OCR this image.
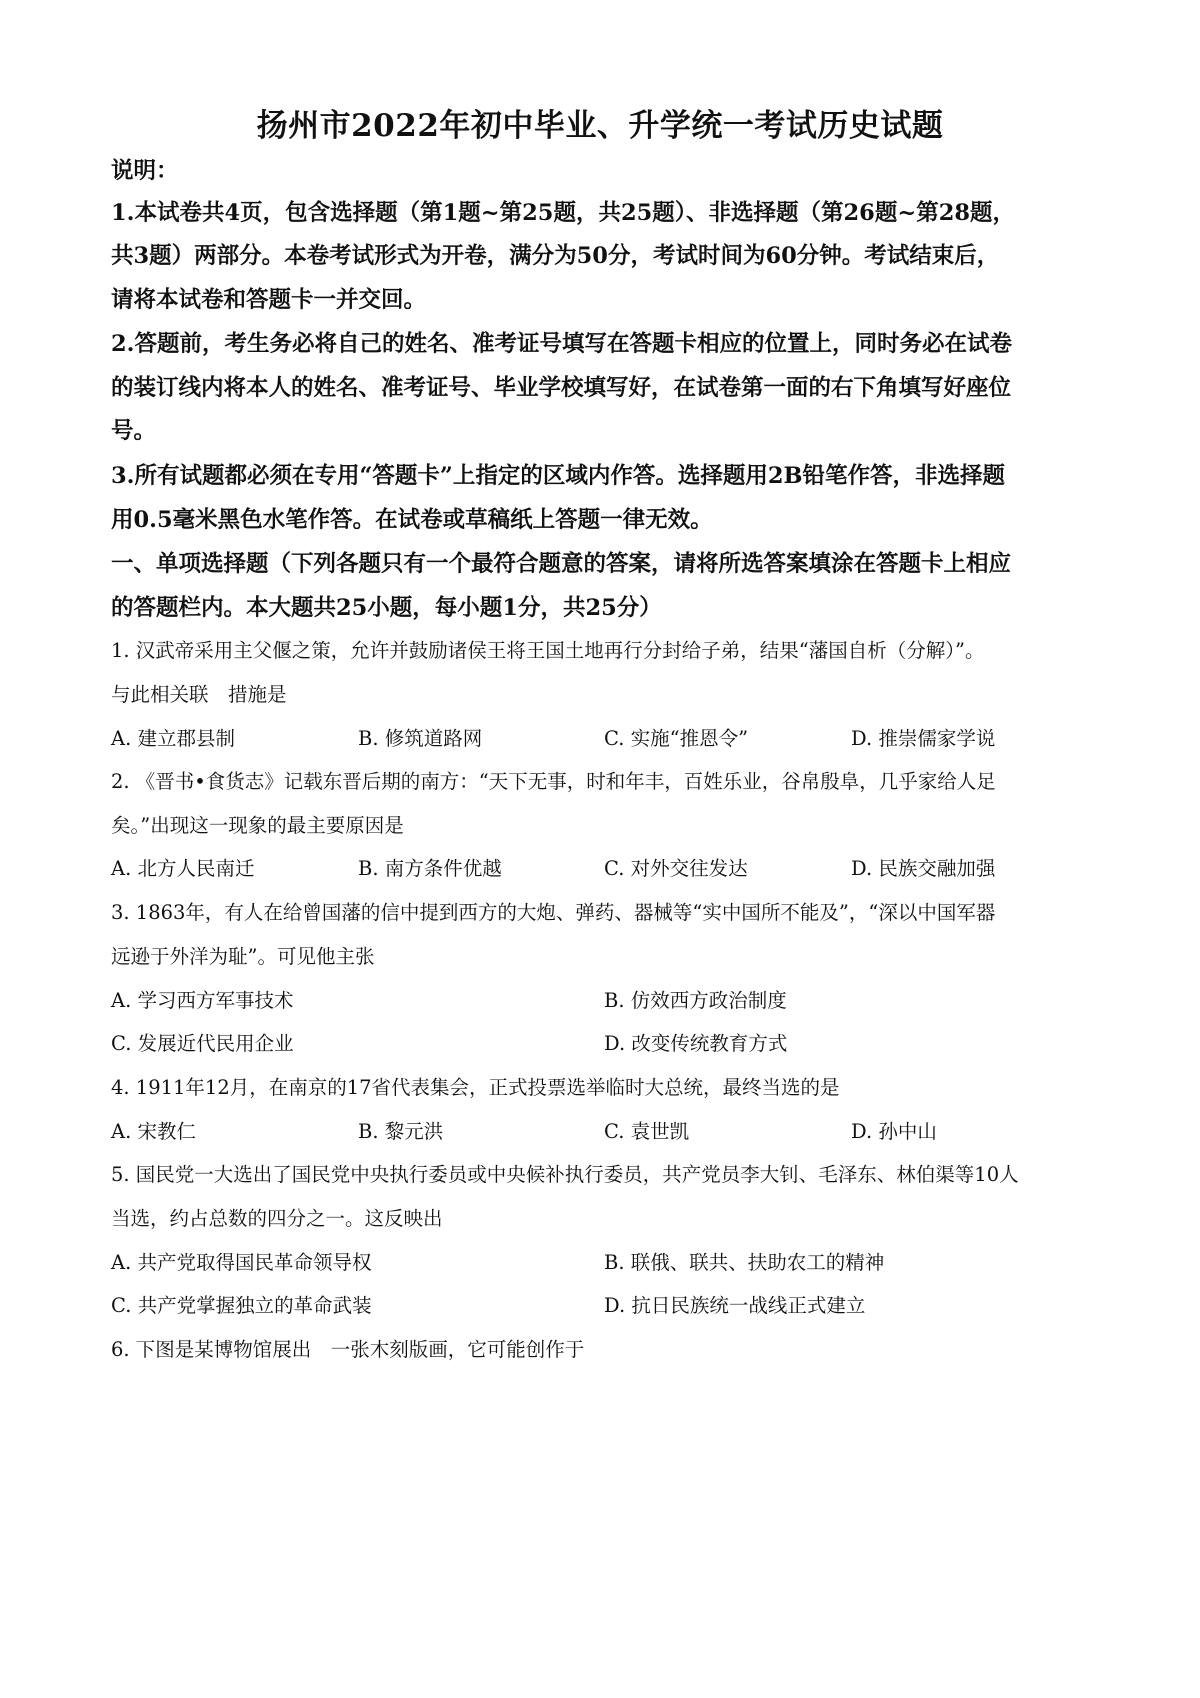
扬州市2022年初中毕业、升学统一考试历史试题
说明：
1.本试卷共4页，包含选择题（第1题~第25题，共25题）、非选择题（第26题~第28题，
共3题）两部分。本卷考试形式为开卷，满分为50分，考试时间为60分钟。考试结束后，
请将本试卷和答题卡一并交回。
2.答题前，考生务必将自己的姓名、准考证号填写在答题卡相应的位置上，同时务必在试卷
的装订线内将本人的姓名、准考证号、毕业学校填写好，在试卷第一面的右下角填写好座位
号。
3.所有试题都必须在专用“答题卡”上指定的区域内作答。选择题用2B铅笔作答，非选择题
用0.5毫米黑色水笔作答。在试卷或草稿纸上答题一律无效。
一、单项选择题（下列各题只有一个最符合题意的答案，请将所选答案填涂在答题卡上相应
的答题栏内。本大题共25小题，每小题1分，共25分）
1. 汉武帝采用主父偃之策，允许并鼓励诸侯王将王国土地再行分封给子弟，结果“藩国自析（分解）”。
与此相关联　措施是
A. 建立郡县制	B. 修筑道路网	C. 实施“推恩令”	D. 推崇儒家学说
2. 《晋书•食货志》记载东晋后期的南方：“天下无事，时和年丰，百姓乐业，谷帛殷阜，几乎家给人足
矣。”出现这一现象的最主要原因是
A. 北方人民南迁	B. 南方条件优越	C. 对外交往发达	D. 民族交融加强
3. 1863年，有人在给曾国藩的信中提到西方的大炮、弹药、器械等“实中国所不能及”，“深以中国军器
远逊于外洋为耻”。可见他主张
A. 学习西方军事技术	B. 仿效西方政治制度
C. 发展近代民用企业	D. 改变传统教育方式
4. 1911年12月，在南京的17省代表集会，正式投票选举临时大总统，最终当选的是
A. 宋教仁	B. 黎元洪	C. 袁世凯	D. 孙中山
5. 国民党一大选出了国民党中央执行委员或中央候补执行委员，共产党员李大钊、毛泽东、林伯渠等10人
当选，约占总数的四分之一。这反映出
A. 共产党取得国民革命领导权	B. 联俄、联共、扶助农工的精神
C. 共产党掌握独立的革命武装	D. 抗日民族统一战线正式建立
6. 下图是某博物馆展出　一张木刻版画，它可能创作于
